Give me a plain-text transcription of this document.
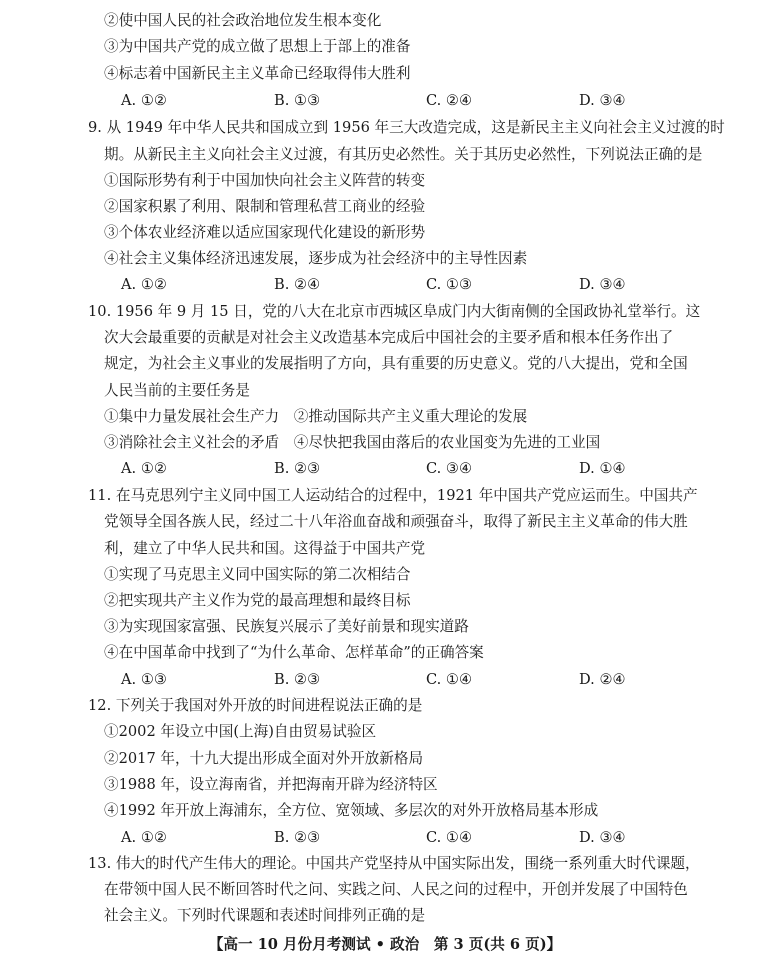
②使中国人民的社会政治地位发生根本变化
③为中国共产党的成立做了思想上于部上的准备
④标志着中国新民主主义革命已经取得伟大胜利
A. ①②	B. ①③	C. ②④	D. ③④
9. 从 1949 年中华人民共和国成立到 1956 年三大改造完成，这是新民主主义向社会主义过渡的时
期。从新民主主义向社会主义过渡，有其历史必然性。关于其历史必然性，下列说法正确的是
①国际形势有利于中国加快向社会主义阵营的转变
②国家积累了利用、限制和管理私营工商业的经验
③个体农业经济难以适应国家现代化建设的新形势
④社会主义集体经济迅速发展，逐步成为社会经济中的主导性因素
A. ①②	B. ②④	C. ①③	D. ③④
10. 1956 年 9 月 15 日，党的八大在北京市西城区阜成门内大街南侧的全国政协礼堂举行。这
次大会最重要的贡献是对社会主义改造基本完成后中国社会的主要矛盾和根本任务作出了
规定，为社会主义事业的发展指明了方向，具有重要的历史意义。党的八大提出，党和全国
人民当前的主要任务是
①集中力量发展社会生产力　②推动国际共产主义重大理论的发展
③消除社会主义社会的矛盾　④尽快把我国由落后的农业国变为先进的工业国
A. ①②	B. ②③	C. ③④	D. ①④
11. 在马克思列宁主义同中国工人运动结合的过程中，1921 年中国共产党应运而生。中国共产
党领导全国各族人民，经过二十八年浴血奋战和顽强奋斗，取得了新民主主义革命的伟大胜
利，建立了中华人民共和国。这得益于中国共产党
①实现了马克思主义同中国实际的第二次相结合
②把实现共产主义作为党的最高理想和最终目标
③为实现国家富强、民族复兴展示了美好前景和现实道路
④在中国革命中找到了“为什么革命、怎样革命”的正确答案
A. ①③	B. ②③	C. ①④	D. ②④
12. 下列关于我国对外开放的时间进程说法正确的是
①2002 年设立中国(上海)自由贸易试验区
②2017 年，十九大提出形成全面对外开放新格局
③1988 年，设立海南省，并把海南开辟为经济特区
④1992 年开放上海浦东，全方位、宽领域、多层次的对外开放格局基本形成
A. ①②	B. ②③	C. ①④	D. ③④
13. 伟大的时代产生伟大的理论。中国共产党坚持从中国实际出发，围绕一系列重大时代课题，
在带领中国人民不断回答时代之问、实践之问、人民之问的过程中，开创并发展了中国特色
社会主义。下列时代课题和表述时间排列正确的是
【高一 10 月份月考测试 • 政治　第 3 页(共 6 页)】
